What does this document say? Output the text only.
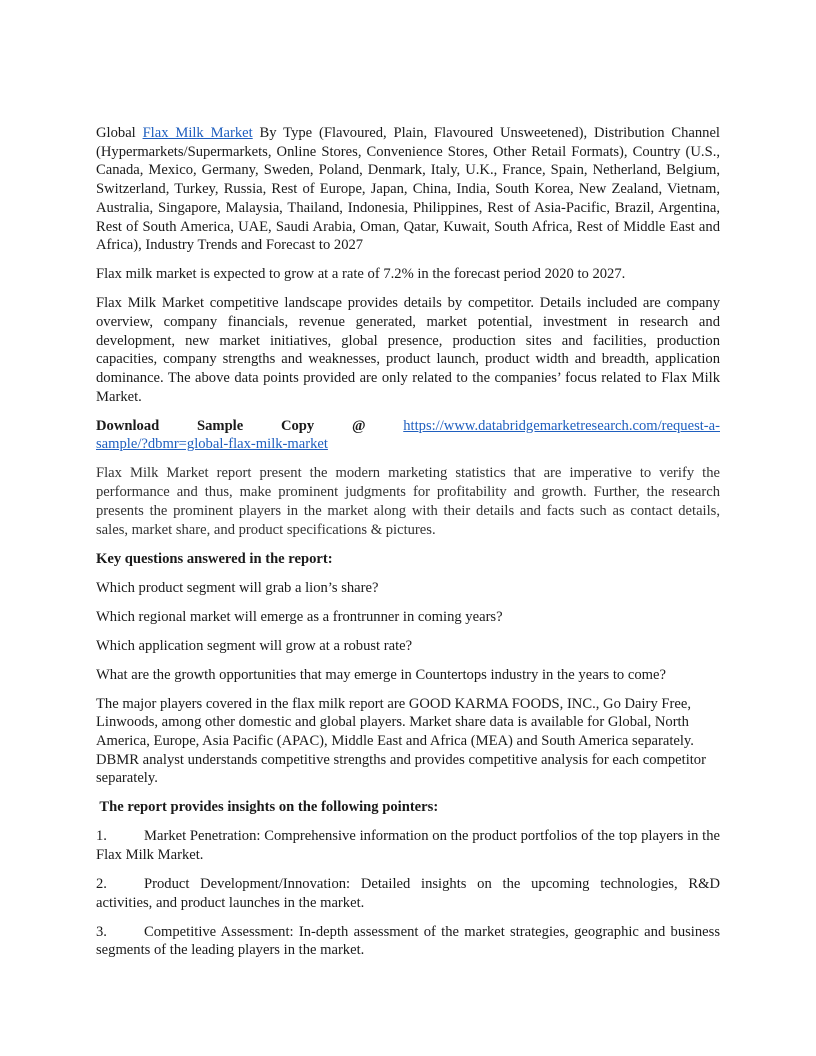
Global Flax Milk Market By Type (Flavoured, Plain, Flavoured Unsweetened), Distribution Channel (Hypermarkets/Supermarkets, Online Stores, Convenience Stores, Other Retail Formats), Country (U.S., Canada, Mexico, Germany, Sweden, Poland, Denmark, Italy, U.K., France, Spain, Netherland, Belgium, Switzerland, Turkey, Russia, Rest of Europe, Japan, China, India, South Korea, New Zealand, Vietnam, Australia, Singapore, Malaysia, Thailand, Indonesia, Philippines, Rest of Asia-Pacific, Brazil, Argentina, Rest of South America, UAE, Saudi Arabia, Oman, Qatar, Kuwait, South Africa, Rest of Middle East and Africa), Industry Trends and Forecast to 2027

Flax milk market is expected to grow at a rate of 7.2% in the forecast period 2020 to 2027.

Flax Milk Market competitive landscape provides details by competitor. Details included are company overview, company financials, revenue generated, market potential, investment in research and development, new market initiatives, global presence, production sites and facilities, production capacities, company strengths and weaknesses, product launch, product width and breadth, application dominance. The above data points provided are only related to the companies’ focus related to Flax Milk Market.

Download	Sample	Copy	@	https://www.databridgemarketresearch.com/request-a-
sample/?dbmr=global-flax-milk-market

Flax Milk Market report present the modern marketing statistics that are imperative to verify the performance and thus, make prominent judgments for profitability and growth. Further, the research presents the prominent players in the market along with their details and facts such as contact details, sales, market share, and product specifications & pictures.

Key questions answered in the report:

Which product segment will grab a lion’s share?

Which regional market will emerge as a frontrunner in coming years?

Which application segment will grow at a robust rate?

What are the growth opportunities that may emerge in Countertops industry in the years to come?

The major players covered in the flax milk report are GOOD KARMA FOODS, INC., Go Dairy Free, Linwoods, among other domestic and global players. Market share data is available for Global, North America, Europe, Asia Pacific (APAC), Middle East and Africa (MEA) and South America separately. DBMR analyst understands competitive strengths and provides competitive analysis for each competitor separately.

The report provides insights on the following pointers:

1.	Market Penetration: Comprehensive information on the product portfolios of the top players in the Flax Milk Market.

2.	Product Development/Innovation: Detailed insights on the upcoming technologies, R&D activities, and product launches in the market.

3.	Competitive Assessment: In-depth assessment of the market strategies, geographic and business segments of the leading players in the market.
